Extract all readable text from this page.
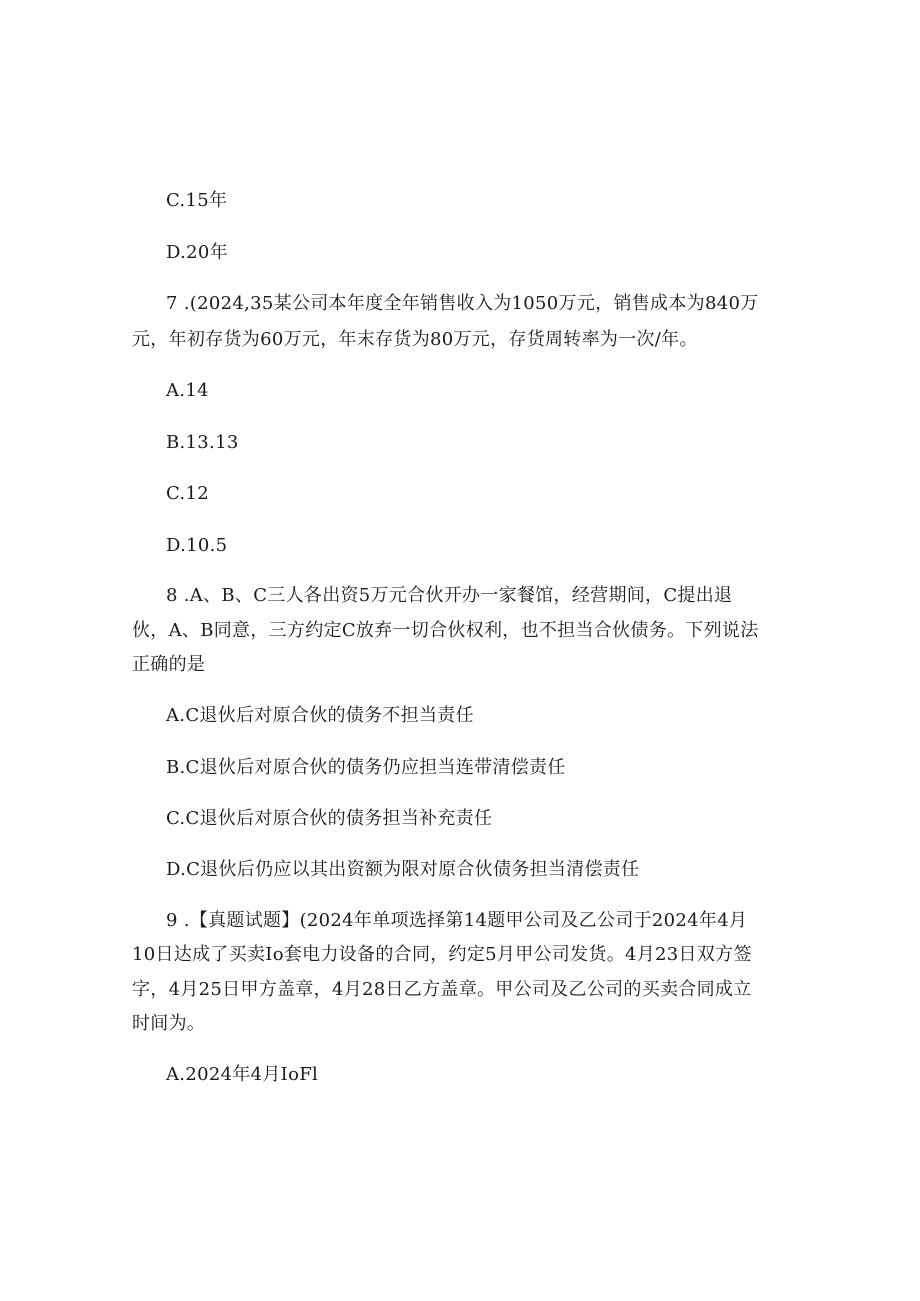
C.15年
D.20年
7 .(2024,35某公司本年度全年销售收入为1050万元，销售成本为840万
元，年初存货为60万元，年末存货为80万元，存货周转率为一次/年。
A.14
B.13.13
C.12
D.10.5
8 .A、B、C三人各出资5万元合伙开办一家餐馆，经营期间，C提出退
伙，A、B同意，三方约定C放弃一切合伙权利，也不担当合伙债务。下列说法
正确的是
A.C退伙后对原合伙的债务不担当责任
B.C退伙后对原合伙的债务仍应担当连带清偿责任
C.C退伙后对原合伙的债务担当补充责任
D.C退伙后仍应以其出资额为限对原合伙债务担当清偿责任
9 .【真题试题】(2024年单项选择第14题甲公司及乙公司于2024年4月
10日达成了买卖Io套电力设备的合同，约定5月甲公司发货。4月23日双方签
字，4月25日甲方盖章，4月28日乙方盖章。甲公司及乙公司的买卖合同成立
时间为。
A.2024年4月IoFl
